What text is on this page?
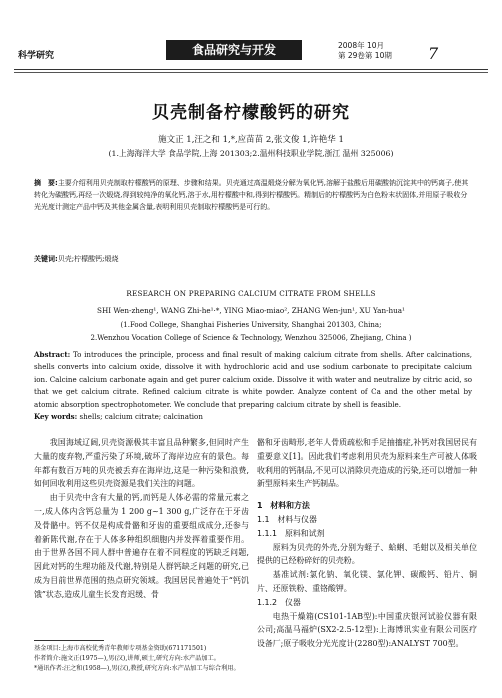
科学研究	食品研究与开发	2008年 10月
第 29卷第 10期 7
贝壳制备柠檬酸钙的研究
施文正 1,汪之和 1,*,应苗苗 2,张文俊 1,许艳华 1
(1.上海海洋大学 食品学院,上海 201303;2.温州科技职业学院,浙江 温州 325006)
摘　要:主要介绍利用贝壳制取柠檬酸钙的原理、步骤和结果。贝壳通过高温煅烧分解为氧化钙,溶解于盐酸后用碳酸钠沉淀其中的钙离子,使其转化为碳酸钙,再经一次煅烧,得到较纯净的氧化钙,溶于水,用柠檬酸中和,得到柠檬酸钙。精制后的柠檬酸钙为白色粉末状固体,并用原子吸收分光光度计测定产品中钙及其他金属含量,表明利用贝壳制取柠檬酸钙是可行的。
关键词:贝壳;柠檬酸钙;煅烧
RESEARCH ON PREPARING CALCIUM CITRATE FROM SHELLS
SHI Wen-zheng¹, WANG Zhi-he¹·*, YING Miao-miao², ZHANG Wen-jun¹, XU Yan-hua¹
(1.Food College, Shanghai Fisheries University, Shanghai 201303, China;
2.Wenzhou Vocation College of Science & Technology, Wenzhou 325006, Zhejiang, China )
Abstract: To introduces the principle, process and final result of making calcium citrate from shells. After calcinations, shells converts into calcium oxide, dissolve it with hydrochloric acid and use sodium carbonate to precipitate calcium ion. Calcine calcium carbonate again and get purer calcium oxide. Dissolve it with water and neutralize by citric acid, so that we get calcium citrate. Refined calcium citrate is white powder. Analyze content of Ca and the other metal by atomic absorption spectrophotometer. We conclude that preparing calcium citrate by shell is feasible.
Key words: shells; calcium citrate; calcination

我国海域辽阔,贝壳资源极其丰富且品种繁多,但同时产生大量的废弃物,严重污染了环境,破坏了海岸边应有的景色。每年都有数百万吨的贝壳被丢弃在海岸边,这是一种污染和浪费,如何回收利用这些贝壳资源是我们关注的问题。

由于贝壳中含有大量的钙,而钙是人体必需的常量元素之一,成人体内含钙总量为 1 200 g~1 300 g,广泛存在于牙齿及骨骼中。钙不仅是构成骨骼和牙齿的重要组成成分,还参与着新陈代谢,存在于人体多种组织细胞内并发挥着重要作用。由于世界各国不同人群中普遍存在着不同程度的钙缺乏问题,因此对钙的生理功能及代谢,特别是人群钙缺乏问题的研究,已成为目前世界范围的热点研究领域。我国居民普遍处于“钙饥饿”状态,造成儿童生长发育迟缓、骨

骼和牙齿畸形,老年人骨质疏松和手足抽搐症,补钙对我国居民有重要意义[1]。因此我们考虑利用贝壳为原料来生产可被人体吸收利用的钙制品,不见可以消除贝壳造成的污染,还可以增加一种新型原料来生产钙制品。

1　材料和方法
1.1　材料与仪器
1.1.1　原料和试剂

原料为贝壳的外壳,分别为蛏子、蛤蜊、毛蚶以及相关单位提供的已经粉碎好的贝壳粉。

基准试剂:氯化钠、氧化镁、氯化钾、碳酸钙、铅片、铜片、还原铁粉、重铬酸钾。

1.1.2　仪器

电热干燥箱(CS101-1AB型):中国重庆银河试验仪器有限公司;高温马福炉(SX2-2.5-12型):上海博讯实业有限公司医疗设备厂;原子吸收分光光度计(2280型):ANALYST 700型。

基金项目:上海市高校优秀青年教师专项基金资助(671171501)
作者简介:施文正(1975—),男(汉),讲师,硕士,研究方向:水产品加工。
*通讯作者:汪之和(1958—),男(汉),教授,研究方向:水产品加工与综合利用。
